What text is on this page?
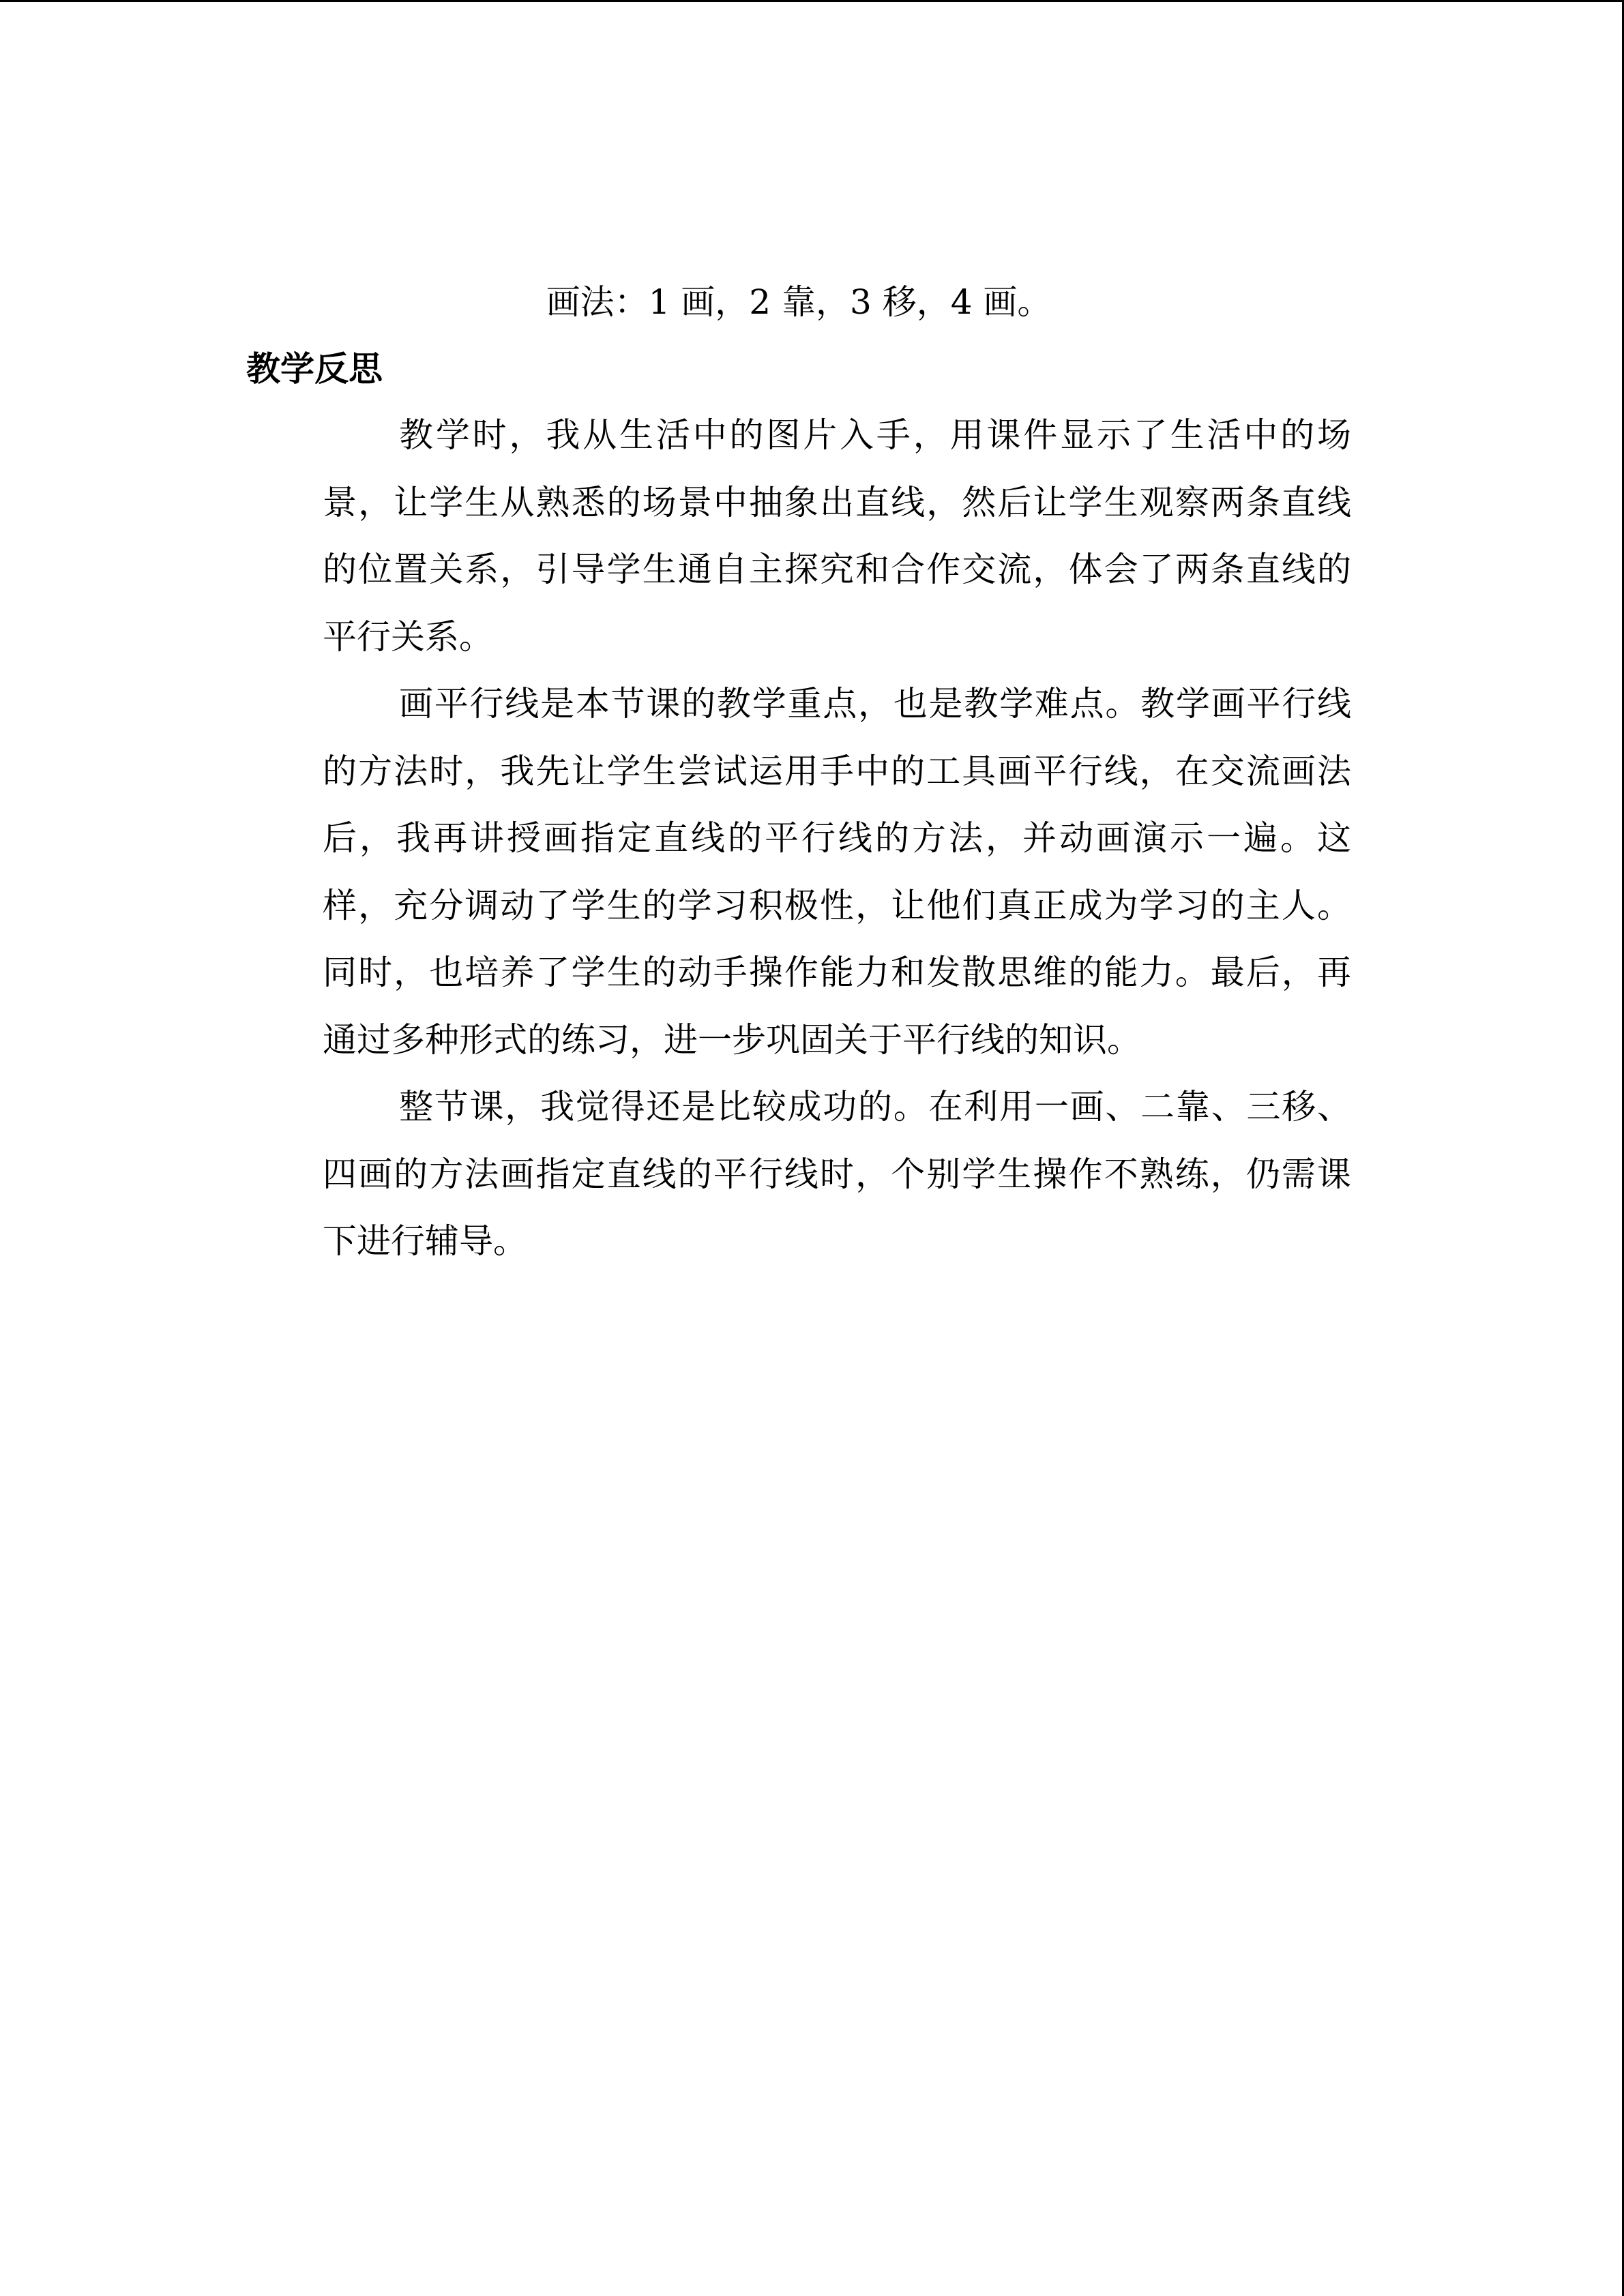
画法：1 画，2 靠，3 移，4 画。

教学反思

教学时，我从生活中的图片入手，用课件显示了生活中的场
景，让学生从熟悉的场景中抽象出直线，然后让学生观察两条直线
的位置关系，引导学生通自主探究和合作交流，体会了两条直线的
平行关系。
画平行线是本节课的教学重点，也是教学难点。教学画平行线
的方法时，我先让学生尝试运用手中的工具画平行线，在交流画法
后，我再讲授画指定直线的平行线的方法，并动画演示一遍。这
样，充分调动了学生的学习积极性，让他们真正成为学习的主人。
同时，也培养了学生的动手操作能力和发散思维的能力。最后，再
通过多种形式的练习，进一步巩固关于平行线的知识。
整节课，我觉得还是比较成功的。在利用一画、二靠、三移、
四画的方法画指定直线的平行线时，个别学生操作不熟练，仍需课
下进行辅导。
